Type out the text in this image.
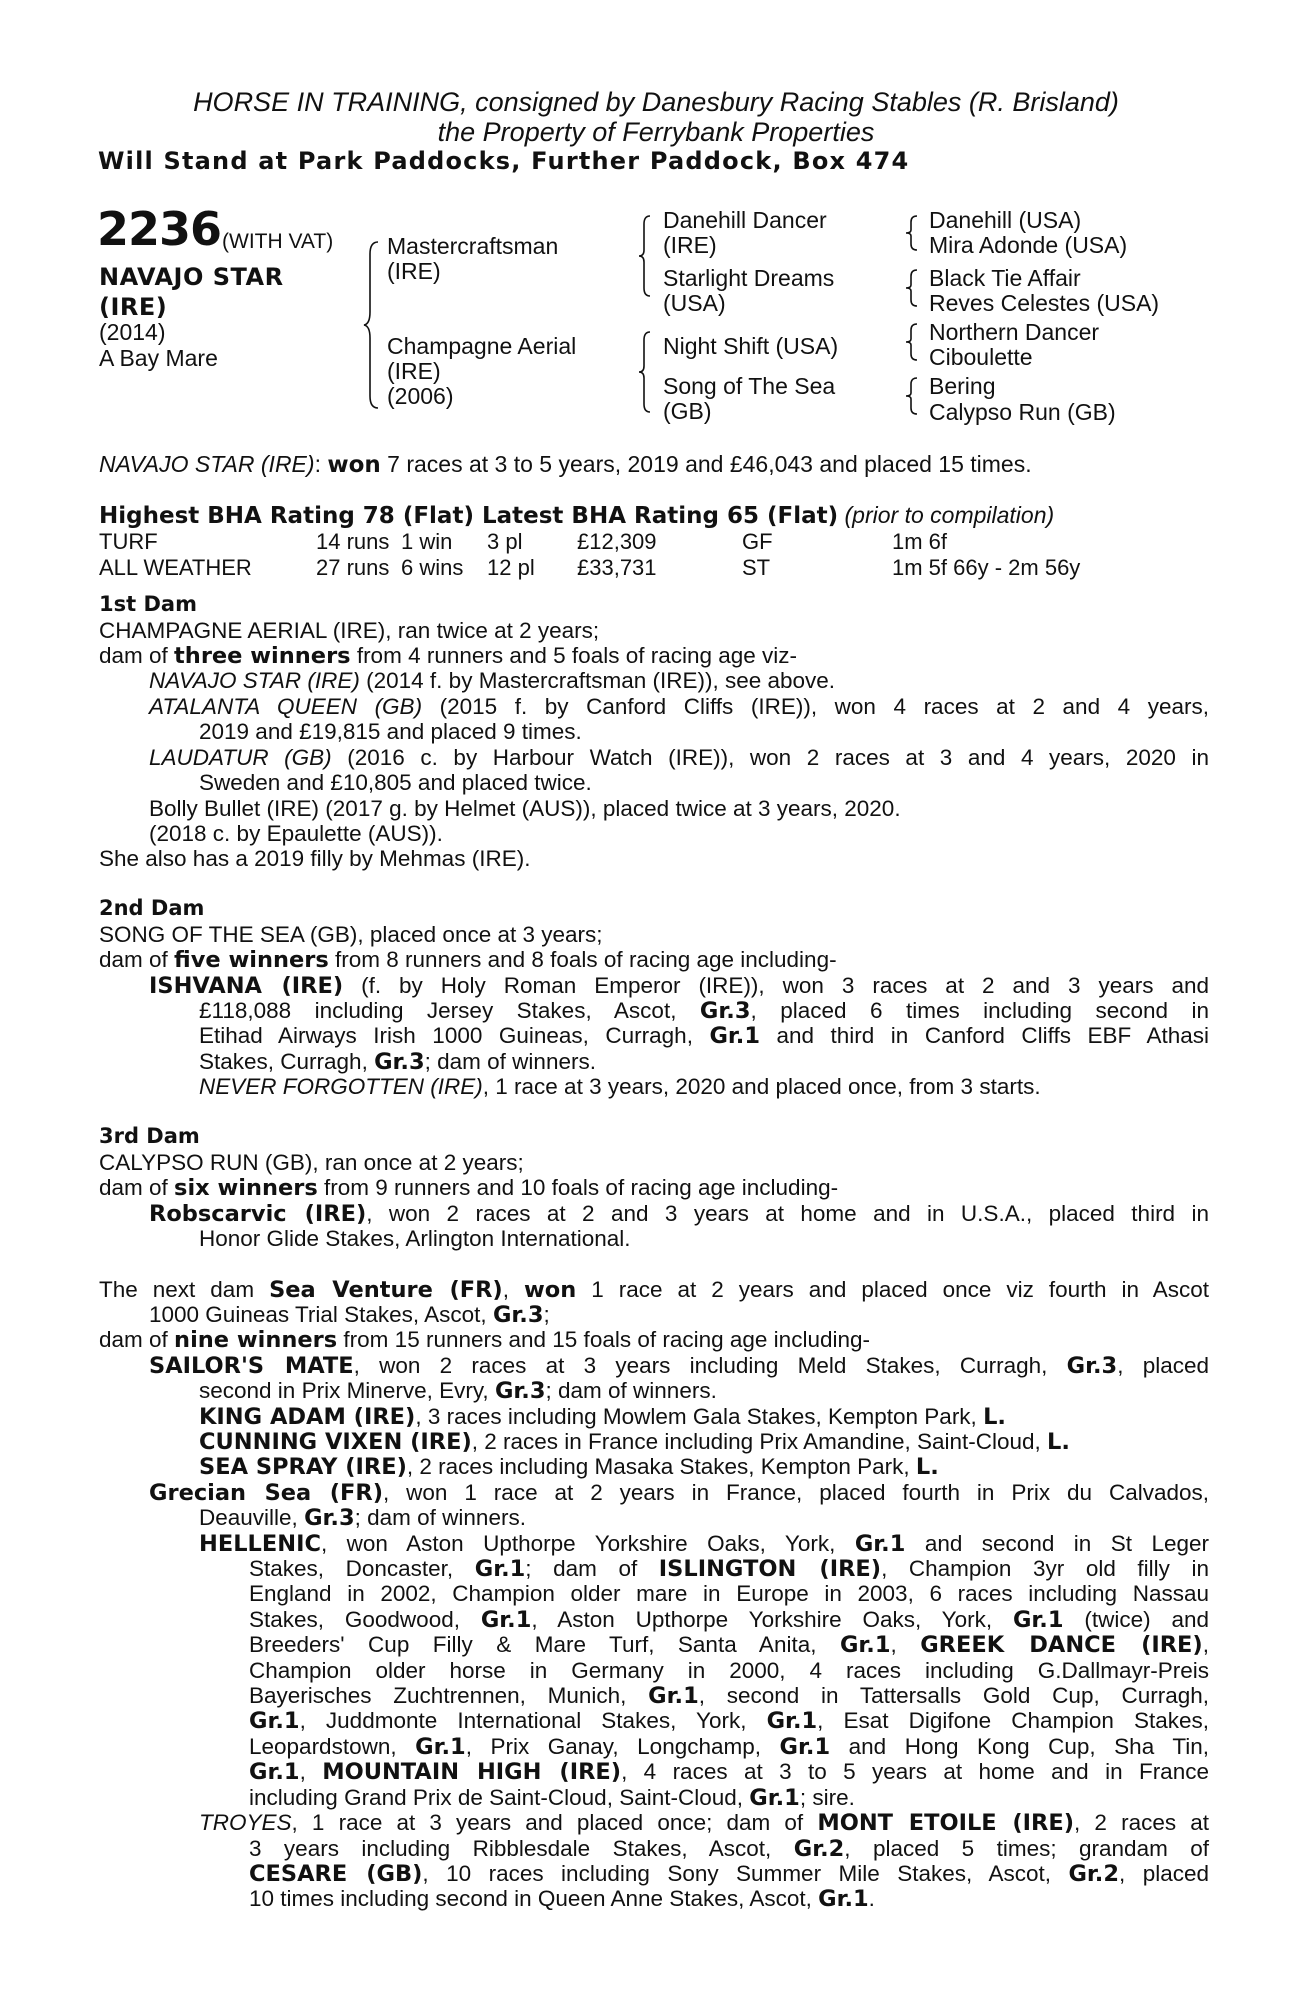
HORSE IN TRAINING, consigned by Danesbury Racing Stables (R. Brisland)
the Property of Ferrybank Properties
Will Stand at Park Paddocks, Further Paddock, Box 474
2236 (WITH VAT)
NAVAJO STAR
(IRE)
(2014)
A Bay Mare
Mastercraftsman
(IRE)
Champagne Aerial
(IRE)
(2006)
Danehill Dancer
(IRE)
Starlight Dreams
(USA)
Night Shift (USA)
Song of The Sea
(GB)
Danehill (USA)
Mira Adonde (USA)
Black Tie Affair
Reves Celestes (USA)
Northern Dancer
Ciboulette
Bering
Calypso Run (GB)
NAVAJO STAR (IRE): won 7 races at 3 to 5 years, 2019 and £46,043 and placed 15 times.
Highest BHA Rating 78 (Flat) Latest BHA Rating 65 (Flat) (prior to compilation)
TURF	14 runs 1 win 3 pl £12,309	GF	1m 6f
ALL WEATHER	27 runs 6 wins 12 pl £33,731	ST	1m 5f 66y - 2m 56y
1st Dam
CHAMPAGNE AERIAL (IRE), ran twice at 2 years;
dam of three winners from 4 runners and 5 foals of racing age viz-
NAVAJO STAR (IRE) (2014 f. by Mastercraftsman (IRE)), see above.
ATALANTA QUEEN (GB) (2015 f. by Canford Cliffs (IRE)), won 4 races at 2 and 4 years,
2019 and £19,815 and placed 9 times.
LAUDATUR (GB) (2016 c. by Harbour Watch (IRE)), won 2 races at 3 and 4 years, 2020 in
Sweden and £10,805 and placed twice.
Bolly Bullet (IRE) (2017 g. by Helmet (AUS)), placed twice at 3 years, 2020.
(2018 c. by Epaulette (AUS)).
She also has a 2019 filly by Mehmas (IRE).
2nd Dam
SONG OF THE SEA (GB), placed once at 3 years;
dam of five winners from 8 runners and 8 foals of racing age including-
ISHVANA (IRE) (f. by Holy Roman Emperor (IRE)), won 3 races at 2 and 3 years and
£118,088 including Jersey Stakes, Ascot, Gr.3, placed 6 times including second in
Etihad Airways Irish 1000 Guineas, Curragh, Gr.1 and third in Canford Cliffs EBF Athasi
Stakes, Curragh, Gr.3; dam of winners.
NEVER FORGOTTEN (IRE), 1 race at 3 years, 2020 and placed once, from 3 starts.
3rd Dam
CALYPSO RUN (GB), ran once at 2 years;
dam of six winners from 9 runners and 10 foals of racing age including-
Robscarvic (IRE), won 2 races at 2 and 3 years at home and in U.S.A., placed third in
Honor Glide Stakes, Arlington International.
The next dam Sea Venture (FR), won 1 race at 2 years and placed once viz fourth in Ascot
1000 Guineas Trial Stakes, Ascot, Gr.3;
dam of nine winners from 15 runners and 15 foals of racing age including-
SAILOR'S MATE, won 2 races at 3 years including Meld Stakes, Curragh, Gr.3, placed
second in Prix Minerve, Evry, Gr.3; dam of winners.
KING ADAM (IRE), 3 races including Mowlem Gala Stakes, Kempton Park, L.
CUNNING VIXEN (IRE), 2 races in France including Prix Amandine, Saint-Cloud, L.
SEA SPRAY (IRE), 2 races including Masaka Stakes, Kempton Park, L.
Grecian Sea (FR), won 1 race at 2 years in France, placed fourth in Prix du Calvados,
Deauville, Gr.3; dam of winners.
HELLENIC, won Aston Upthorpe Yorkshire Oaks, York, Gr.1 and second in St Leger
Stakes, Doncaster, Gr.1; dam of ISLINGTON (IRE), Champion 3yr old filly in
England in 2002, Champion older mare in Europe in 2003, 6 races including Nassau
Stakes, Goodwood, Gr.1, Aston Upthorpe Yorkshire Oaks, York, Gr.1 (twice) and
Breeders' Cup Filly & Mare Turf, Santa Anita, Gr.1, GREEK DANCE (IRE),
Champion older horse in Germany in 2000, 4 races including G.Dallmayr-Preis
Bayerisches Zuchtrennen, Munich, Gr.1, second in Tattersalls Gold Cup, Curragh,
Gr.1, Juddmonte International Stakes, York, Gr.1, Esat Digifone Champion Stakes,
Leopardstown, Gr.1, Prix Ganay, Longchamp, Gr.1 and Hong Kong Cup, Sha Tin,
Gr.1, MOUNTAIN HIGH (IRE), 4 races at 3 to 5 years at home and in France
including Grand Prix de Saint-Cloud, Saint-Cloud, Gr.1; sire.
TROYES, 1 race at 3 years and placed once; dam of MONT ETOILE (IRE), 2 races at
3 years including Ribblesdale Stakes, Ascot, Gr.2, placed 5 times; grandam of
CESARE (GB), 10 races including Sony Summer Mile Stakes, Ascot, Gr.2, placed
10 times including second in Queen Anne Stakes, Ascot, Gr.1.
